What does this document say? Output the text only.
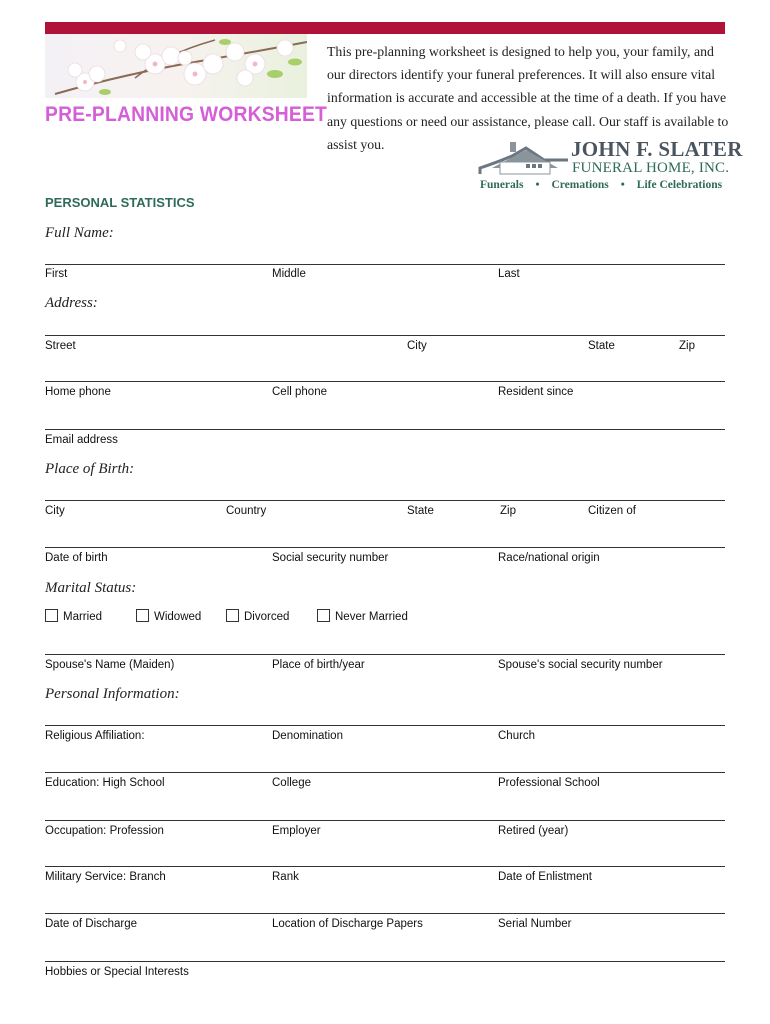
PRE-PLANNING WORKSHEET
This pre-planning worksheet is designed to help you, your family, and our directors identify your funeral preferences. It will also ensure vital information is accurate and accessible at the time of a death. If you have any questions or need our assistance, please call. Our staff is available to assist you.	JOHN F. SLATER
FUNERAL HOME, INC.
Funerals • Cremations • Life Celebrations
PERSONAL STATISTICS
Full Name:
First	Middle	Last
Address:
Street	City	State	Zip
Home phone	Cell phone	Resident since
Email address
Place of Birth:
City	Country	State	Zip	Citizen of
Date of birth	Social security number	Race/national origin
Marital Status:
Married	Widowed	Divorced	Never Married
Spouse's Name (Maiden)	Place of birth/year	Spouse's social security number
Personal Information:
Religious Affiliation:	Denomination	Church
Education: High School	College	Professional School
Occupation: Profession	Employer	Retired (year)
Military Service: Branch	Rank	Date of Enlistment
Date of Discharge	Location of Discharge Papers	Serial Number
Hobbies or Special Interests
